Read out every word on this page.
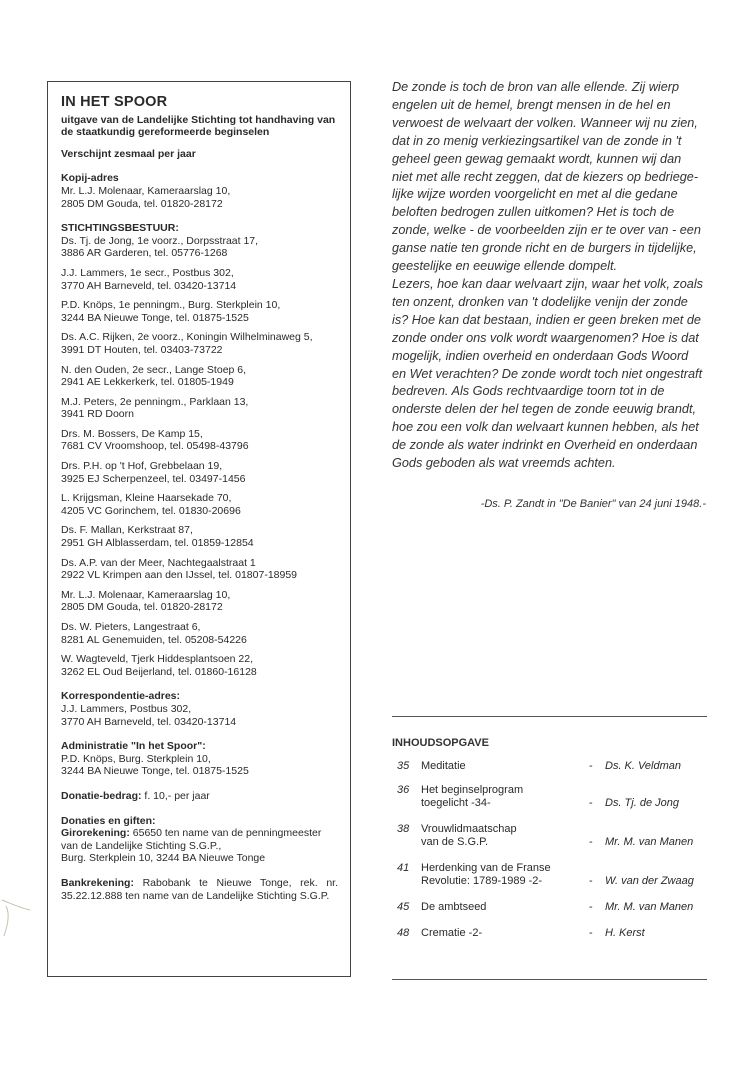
IN HET SPOOR
uitgave van de Landelijke Stichting tot handhaving van de staatkundig gereformeerde beginselen
Verschijnt zesmaal per jaar
Kopij-adres
Mr. L.J. Molenaar, Kameraarslag 10,
2805 DM Gouda, tel. 01820-28172
STICHTINGSBESTUUR:
Ds. Tj. de Jong, 1e voorz., Dorpsstraat 17,
3886 AR Garderen, tel. 05776-1268
J.J. Lammers, 1e secr., Postbus 302,
3770 AH Barneveld, tel. 03420-13714
P.D. Knöps, 1e penningm., Burg. Sterkplein 10,
3244 BA Nieuwe Tonge, tel. 01875-1525
Ds. A.C. Rijken, 2e voorz., Koningin Wilhelminaweg 5,
3991 DT Houten, tel. 03403-73722
N. den Ouden, 2e secr., Lange Stoep 6,
2941 AE Lekkerkerk, tel. 01805-1949
M.J. Peters, 2e penningm., Parklaan 13,
3941 RD Doorn
Drs. M. Bossers, De Kamp 15,
7681 CV Vroomshoop, tel. 05498-43796
Drs. P.H. op 't Hof, Grebbelaan 19,
3925 EJ Scherpenzeel, tel. 03497-1456
L. Krijgsman, Kleine Haarsekade 70,
4205 VC Gorinchem, tel. 01830-20696
Ds. F. Mallan, Kerkstraat 87,
2951 GH Alblasserdam, tel. 01859-12854
Ds. A.P. van der Meer, Nachtegaalstraat 1
2922 VL Krimpen aan den IJssel, tel. 01807-18959
Mr. L.J. Molenaar, Kameraarslag 10,
2805 DM Gouda, tel. 01820-28172
Ds. W. Pieters, Langestraat 6,
8281 AL Genemuiden, tel. 05208-54226
W. Wagteveld, Tjerk Hiddesplantsoen 22,
3262 EL Oud Beijerland, tel. 01860-16128
Korrespondentie-adres:
J.J. Lammers, Postbus 302,
3770 AH Barneveld, tel. 03420-13714
Administratie "In het Spoor":
P.D. Knöps, Burg. Sterkplein 10,
3244 BA Nieuwe Tonge, tel. 01875-1525
Donatie-bedrag: f. 10,- per jaar
Donaties en giften:
Girorekening: 65650 ten name van de penningmeester
van de Landelijke Stichting S.G.P.,
Burg. Sterkplein 10, 3244 BA Nieuwe Tonge
Bankrekening: Rabobank te Nieuwe Tonge, rek. nr. 35.22.12.888 ten name van de Landelijke Stichting S.G.P.
De zonde is toch de bron van alle ellende. Zij wierp
engelen uit de hemel, brengt mensen in de hel en
verwoest de welvaart der volken. Wanneer wij nu zien,
dat in zo menig verkiezingsartikel van de zonde in 't
geheel geen gewag gemaakt wordt, kunnen wij dan
niet met alle recht zeggen, dat de kiezers op bedriege-
lijke wijze worden voorgelicht en met al die gedane
beloften bedrogen zullen uitkomen? Het is toch de
zonde, welke - de voorbeelden zijn er te over van - een
ganse natie ten gronde richt en de burgers in tijdelijke,
geestelijke en eeuwige ellende dompelt.
Lezers, hoe kan daar welvaart zijn, waar het volk, zoals
ten onzent, dronken van 't dodelijke venijn der zonde
is? Hoe kan dat bestaan, indien er geen breken met de
zonde onder ons volk wordt waargenomen? Hoe is dat
mogelijk, indien overheid en onderdaan Gods Woord
en Wet verachten? De zonde wordt toch niet ongestraft
bedreven. Als Gods rechtvaardige toorn tot in de
onderste delen der hel tegen de zonde eeuwig brandt,
hoe zou een volk dan welvaart kunnen hebben, als het
de zonde als water indrinkt en Overheid en onderdaan
Gods geboden als wat vreemds achten.
-Ds. P. Zandt in "De Banier" van 24 juni 1948.-
INHOUDSOPGAVE
35 Meditatie	-	Ds. K. Veldman
36 Het beginselprogram
toegelicht -34-	-	Ds. Tj. de Jong
38 Vrouwlidmaatschap
van de S.G.P.	-	Mr. M. van Manen
41 Herdenking van de Franse
Revolutie: 1789-1989 -2-	-	W. van der Zwaag
45 De ambtseed	-	Mr. M. van Manen
48 Crematie -2-	-	H. Kerst
